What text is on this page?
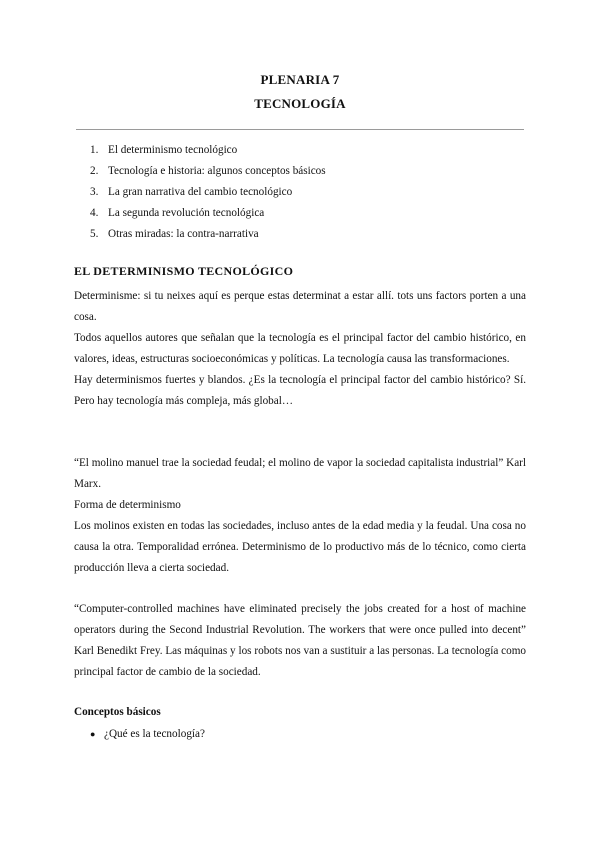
PLENARIA 7
TECNOLOGÍA
1. El determinismo tecnológico
2. Tecnología e historia: algunos conceptos básicos
3. La gran narrativa del cambio tecnológico
4. La segunda revolución tecnológica
5. Otras miradas: la contra-narrativa
EL DETERMINISMO TECNOLÓGICO

Determinisme: si tu neixes aquí es perque estas determinat a estar allí. tots uns factors porten a una cosa.

Todos aquellos autores que señalan que la tecnología es el principal factor del cambio histórico, en valores, ideas, estructuras socioeconómicas y políticas. La tecnología causa las transformaciones.

Hay determinismos fuertes y blandos. ¿Es la tecnología el principal factor del cambio histórico? Sí. Pero hay tecnología más compleja, más global…

“El molino manuel trae la sociedad feudal; el molino de vapor la sociedad capitalista industrial” Karl Marx.

Forma de determinismo

Los molinos existen en todas las sociedades, incluso antes de la edad media y la feudal. Una cosa no causa la otra. Temporalidad errónea. Determinismo de lo productivo más de lo técnico, como cierta producción lleva a cierta sociedad.

“Computer-controlled machines have eliminated precisely the jobs created for a host of machine operators during the Second Industrial Revolution. The workers that were once pulled into decent” Karl Benedikt Frey. Las máquinas y los robots nos van a sustituir a las personas. La tecnología como principal factor de cambio de la sociedad.

Conceptos básicos
● ¿Qué es la tecnología?
